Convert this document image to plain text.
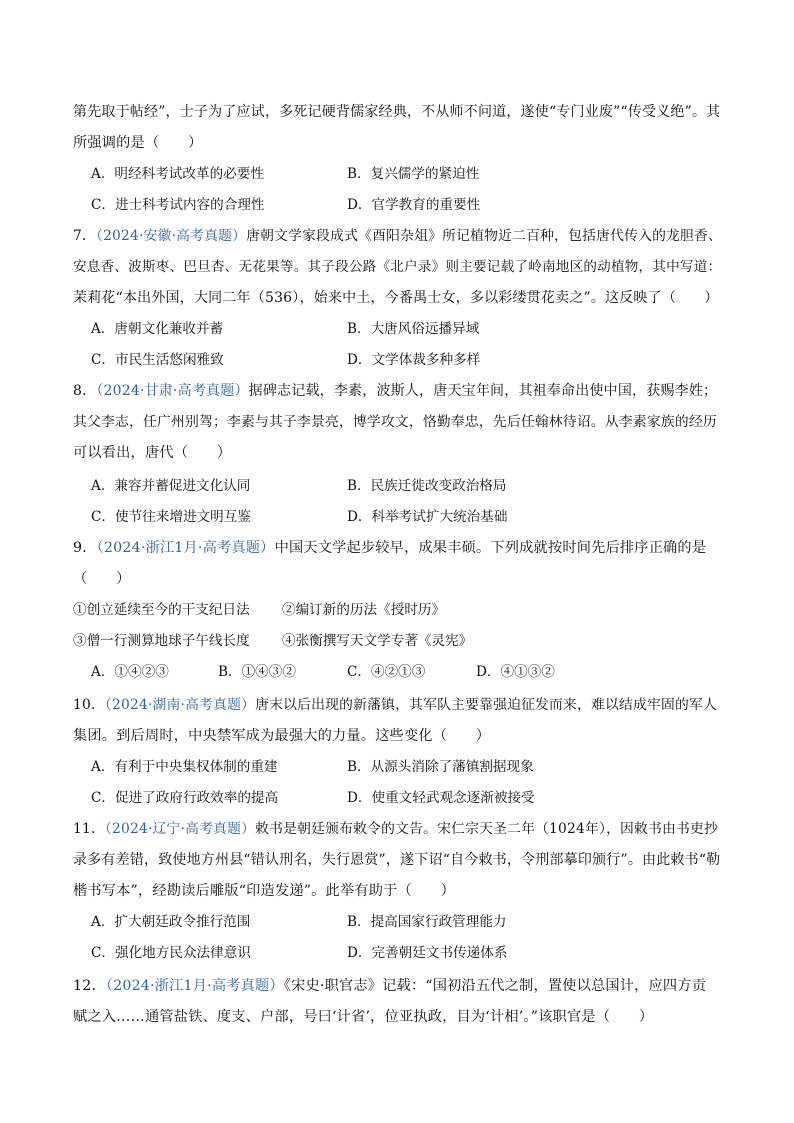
第先取于帖经”，士子为了应试，多死记硬背儒家经典，不从师不问道，遂使“专门业废”“传受义绝”。其
所强调的是（　　）
A．明经科考试改革的必要性	B．复兴儒学的紧迫性
C．进士科考试内容的合理性	D．官学教育的重要性
7．（2024·安徽·高考真题）唐朝文学家段成式《酉阳杂俎》所记植物近二百种，包括唐代传入的龙胆香、
安息香、波斯枣、巴旦杏、无花果等。其子段公路《北户录》则主要记载了岭南地区的动植物，其中写道：
茉莉花“本出外国，大同二年（536），始来中土，今番禺士女，多以彩缕贯花卖之”。这反映了（　　）
A．唐朝文化兼收并蓄	B．大唐风俗远播异域
C．市民生活悠闲雅致	D．文学体裁多种多样
8．（2024·甘肃·高考真题）据碑志记载，李素，波斯人，唐天宝年间，其祖奉命出使中国，获赐李姓；
其父李志，任广州别驾；李素与其子李景亮，博学攻文，恪勤奉忠，先后任翰林待诏。从李素家族的经历
可以看出，唐代（　　）
A．兼容并蓄促进文化认同	B．民族迁徙改变政治格局
C．使节往来增进文明互鉴	D．科举考试扩大统治基础
9．（2024·浙江1月·高考真题）中国天文学起步较早，成果丰硕。下列成就按时间先后排序正确的是
（　　）
①创立延续至今的干支纪日法 ②编订新的历法《授时历》
③僧一行测算地球子午线长度 ④张衡撰写天文学专著《灵宪》
A．①④②③	B．①④③②	C．④②①③	D．④①③②
10．（2024·湖南·高考真题）唐末以后出现的新藩镇，其军队主要靠强迫征发而来，难以结成牢固的军人
集团。到后周时，中央禁军成为最强大的力量。这些变化（　　）
A．有利于中央集权体制的重建	B．从源头消除了藩镇割据现象
C．促进了政府行政效率的提高	D．使重文轻武观念逐渐被接受
11．（2024·辽宁·高考真题）敕书是朝廷颁布敕令的文告。宋仁宗天圣二年（1024年），因敕书由书吏抄
录多有差错，致使地方州县“错认刑名，失行恩赏”，遂下诏“自今敕书，令刑部摹印颁行”。由此敕书“勒
楷书写本”，经勘读后雕版“印造发递”。此举有助于（　　）
A．扩大朝廷政令推行范围	B．提高国家行政管理能力
C．强化地方民众法律意识	D．完善朝廷文书传递体系
12．（2024·浙江1月·高考真题）《宋史·职官志》记载：“国初沿五代之制，置使以总国计，应四方贡
赋之入……通管盐铁、度支、户部，号曰‘计省’，位亚执政，目为‘计相’。”该职官是（　　）
